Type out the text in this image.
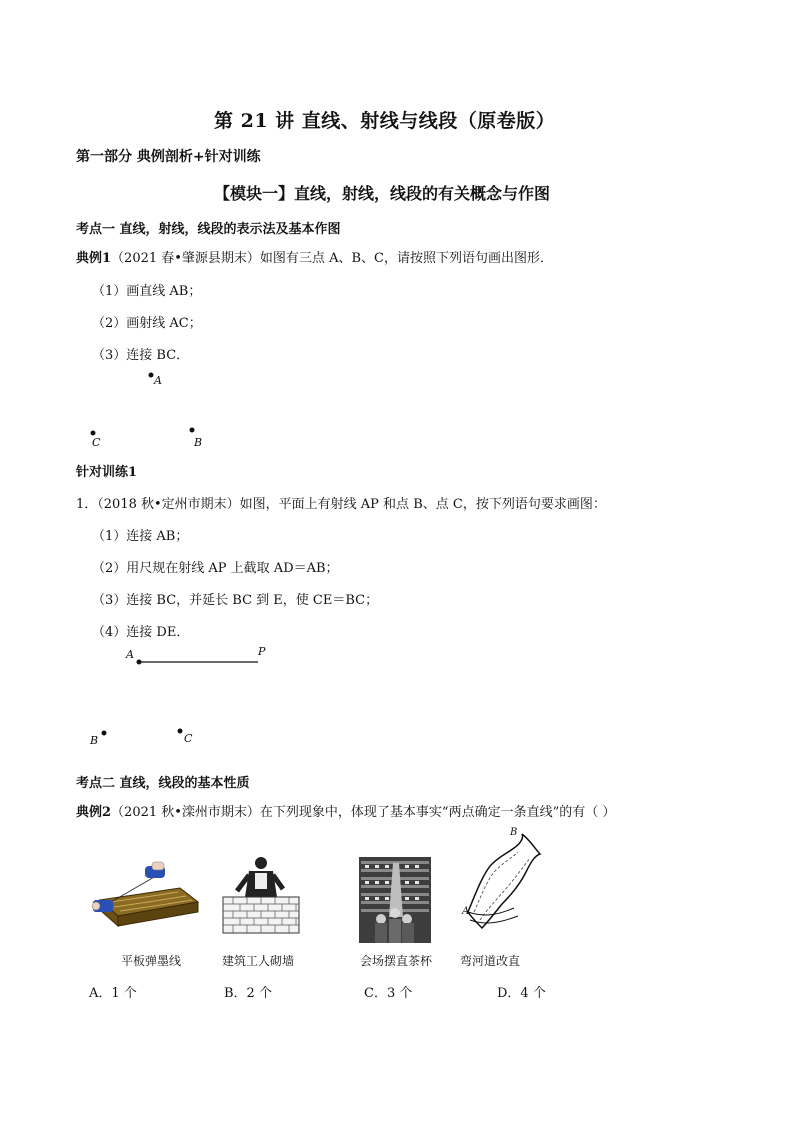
第 21 讲 直线、射线与线段（原卷版）
第一部分 典例剖析+针对训练
【模块一】直线，射线，线段的有关概念与作图
考点一 直线，射线，线段的表示法及基本作图
典例1（2021 春•肇源县期末）如图有三点 A、B、C，请按照下列语句画出图形．
（1）画直线 AB；
（2）画射线 AC；
（3）连接 BC．
A
C	B
针对训练1
1．（2018 秋•定州市期末）如图，平面上有射线 AP 和点 B、点 C，按下列语句要求画图：
（1）连接 AB；
（2）用尺规在射线 AP 上截取 AD＝AB；
（3）连接 BC，并延长 BC 到 E，使 CE＝BC；
（4）连接 DE．
A	P
B	C
考点二 直线，线段的基本性质
典例2（2021 秋•滦州市期末）在下列现象中，体现了基本事实“两点确定一条直线”的有（ ）
B
A
平板弹墨线	建筑工人砌墙	会场摆直茶杯 弯河道改直
A．1 个	B．2 个	C．3 个	D．4 个
